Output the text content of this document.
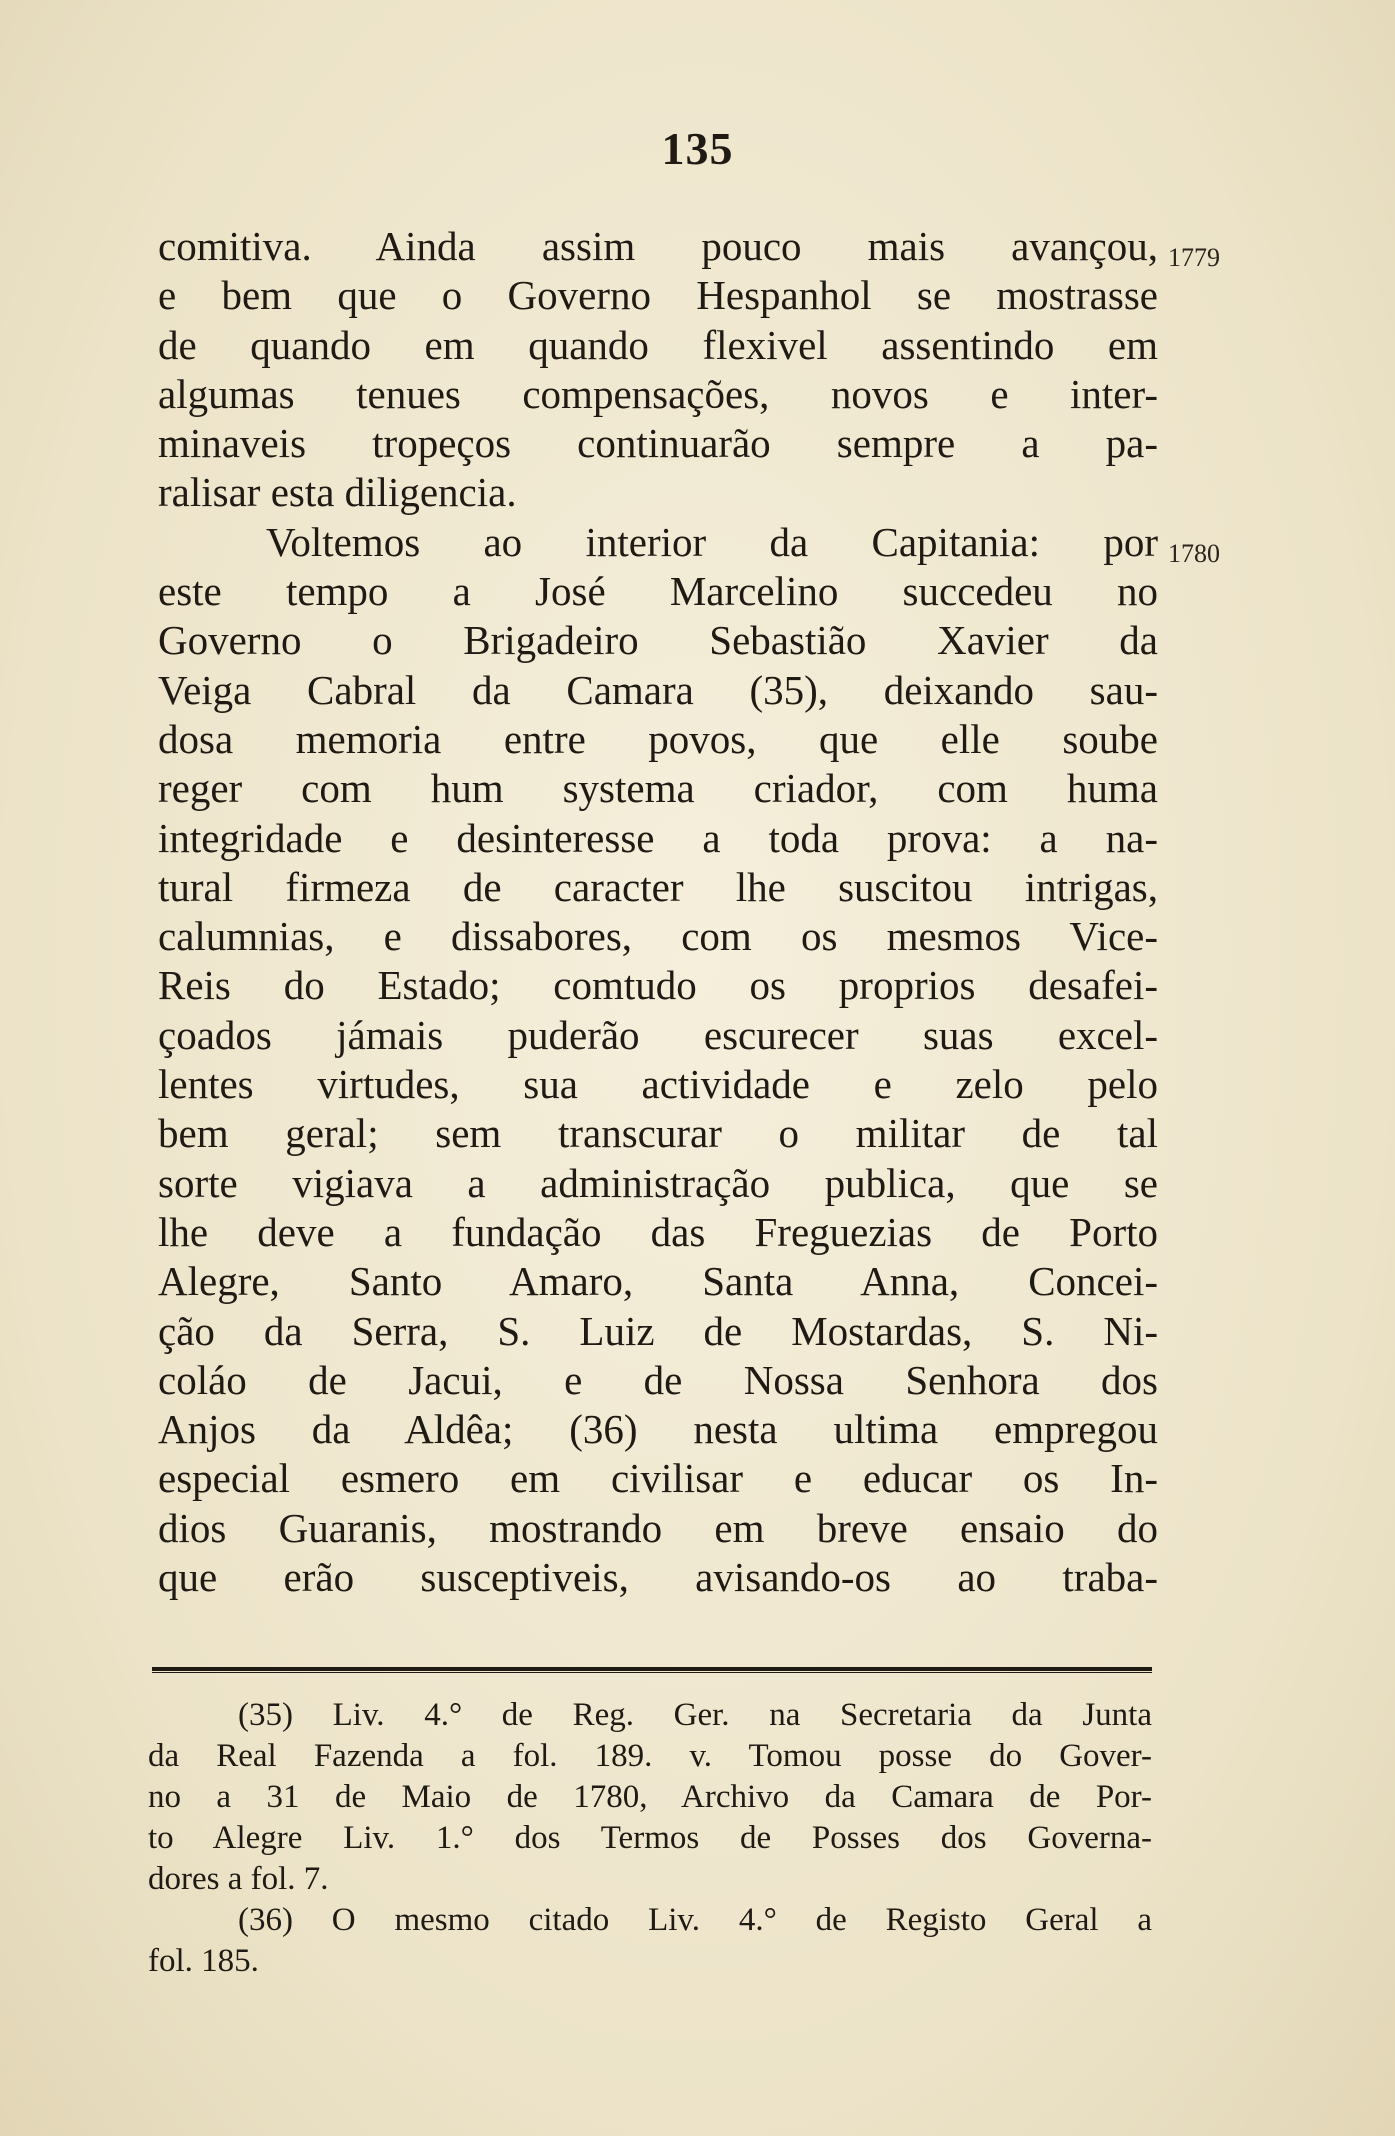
135
1779
1780
comitiva. Ainda assim pouco mais avançou,
e bem que o Governo Hespanhol se mostrasse
de quando em quando flexivel assentindo em
algumas tenues compensações, novos e inter-
minaveis tropeços continuarão sempre a pa-
ralisar esta diligencia.
Voltemos ao interior da Capitania: por
este tempo a José Marcelino succedeu no
Governo o Brigadeiro Sebastião Xavier da
Veiga Cabral da Camara (35), deixando sau-
dosa memoria entre povos, que elle soube
reger com hum systema criador, com huma
integridade e desinteresse a toda prova: a na-
tural firmeza de caracter lhe suscitou intrigas,
calumnias, e dissabores, com os mesmos Vice-
Reis do Estado; comtudo os proprios desafei-
çoados jámais puderão escurecer suas excel-
lentes virtudes, sua actividade e zelo pelo
bem geral; sem transcurar o militar de tal
sorte vigiava a administração publica, que se
lhe deve a fundação das Freguezias de Porto
Alegre, Santo Amaro, Santa Anna, Concei-
ção da Serra, S. Luiz de Mostardas, S. Ni-
coláo de Jacui, e de Nossa Senhora dos
Anjos da Aldêa; (36) nesta ultima empregou
especial esmero em civilisar e educar os In-
dios Guaranis, mostrando em breve ensaio do
que erão susceptiveis, avisando-os ao traba-
(35) Liv. 4.° de Reg. Ger. na Secretaria da Junta
da Real Fazenda a fol. 189. v. Tomou posse do Gover-
no a 31 de Maio de 1780, Archivo da Camara de Por-
to Alegre Liv. 1.° dos Termos de Posses dos Governa-
dores a fol. 7.
(36) O mesmo citado Liv. 4.° de Registo Geral a
fol. 185.
